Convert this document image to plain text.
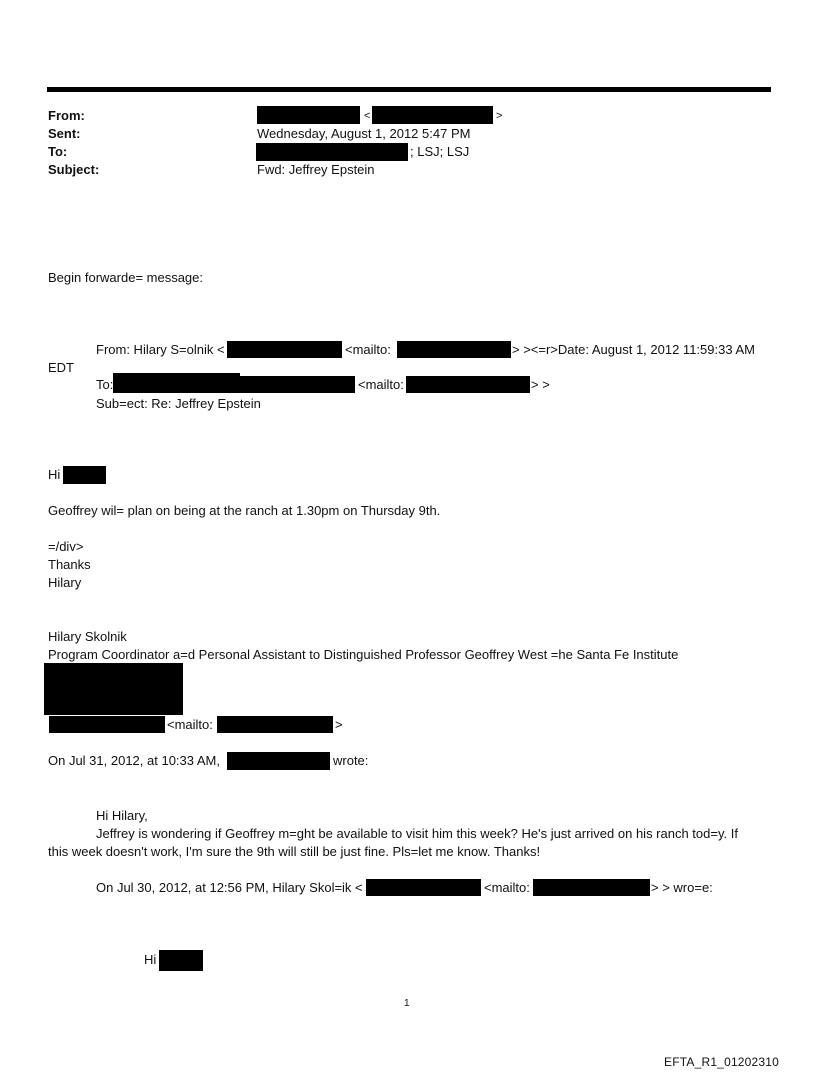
From:	<	>
Sent:	Wednesday, August 1, 2012 5:47 PM
To:	; LSJ; LSJ
Subject:	Fwd: Jeffrey Epstein
Begin forwarde= message:
From: Hilary S=olnik <	<mailto:	> ><=r>Date: August 1, 2012 11:59:33 AM
EDT
To:	<mailto:	> >
Sub=ect: Re: Jeffrey Epstein
Hi
Geoffrey wil= plan on being at the ranch at 1.30pm on Thursday 9th.
=/div>
Thanks
Hilary
Hilary Skolnik
Program Coordinator a=d Personal Assistant to Distinguished Professor Geoffrey West =he Santa Fe Institute
<mailto:	>
On Jul 31, 2012, at 10:33 AM,	wrote:
Hi Hilary,
Jeffrey is wondering if Geoffrey m=ght be available to visit him this week? He's just arrived on his ranch tod=y. If
this week doesn't work, I'm sure the 9th will still be just fine. Pls=let me know. Thanks!
On Jul 30, 2012, at 12:56 PM, Hilary Skol=ik <	<mailto:	> > wro=e:
Hi
1
EFTA_R1_01202310
